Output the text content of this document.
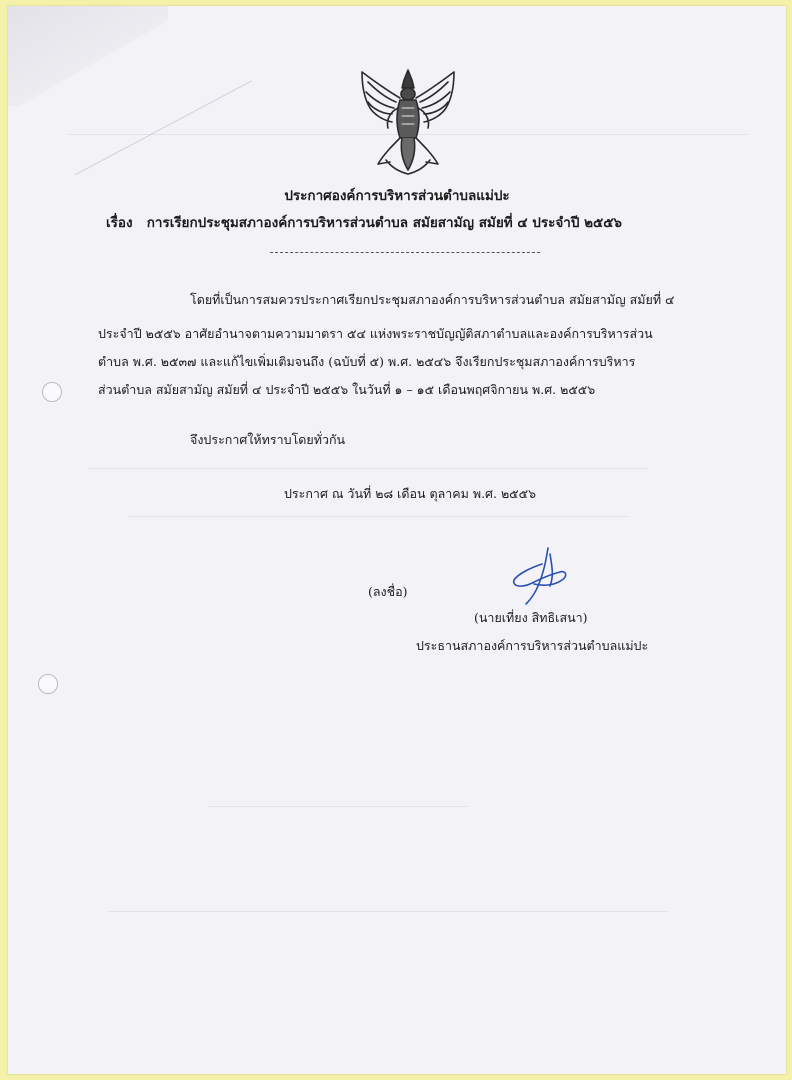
ประกาศองค์การบริหารส่วนตำบลแม่ปะ
เรื่อง การเรียกประชุมสภาองค์การบริหารส่วนตำบล สมัยสามัญ สมัยที่ ๔ ประจำปี ๒๕๕๖
โดยที่เป็นการสมควรประกาศเรียกประชุมสภาองค์การบริหารส่วนตำบล สมัยสามัญ สมัยที่ ๔
ประจำปี ๒๕๕๖ อาศัยอำนาจตามความมาตรา ๕๔ แห่งพระราชบัญญัติสภาตำบลและองค์การบริหารส่วน
ตำบล พ.ศ. ๒๕๓๗ และแก้ไขเพิ่มเติมจนถึง (ฉบับที่ ๕) พ.ศ. ๒๕๔๖ จึงเรียกประชุมสภาองค์การบริหาร
ส่วนตำบล สมัยสามัญ สมัยที่ ๔ ประจำปี ๒๕๕๖ ในวันที่ ๑ – ๑๕ เดือนพฤศจิกายน พ.ศ. ๒๕๕๖
จึงประกาศให้ทราบโดยทั่วกัน
ประกาศ ณ วันที่ ๒๘ เดือน ตุลาคม พ.ศ. ๒๕๕๖
(ลงชื่อ)
(นายเที่ยง สิทธิเสนา)
ประธานสภาองค์การบริหารส่วนตำบลแม่ปะ
